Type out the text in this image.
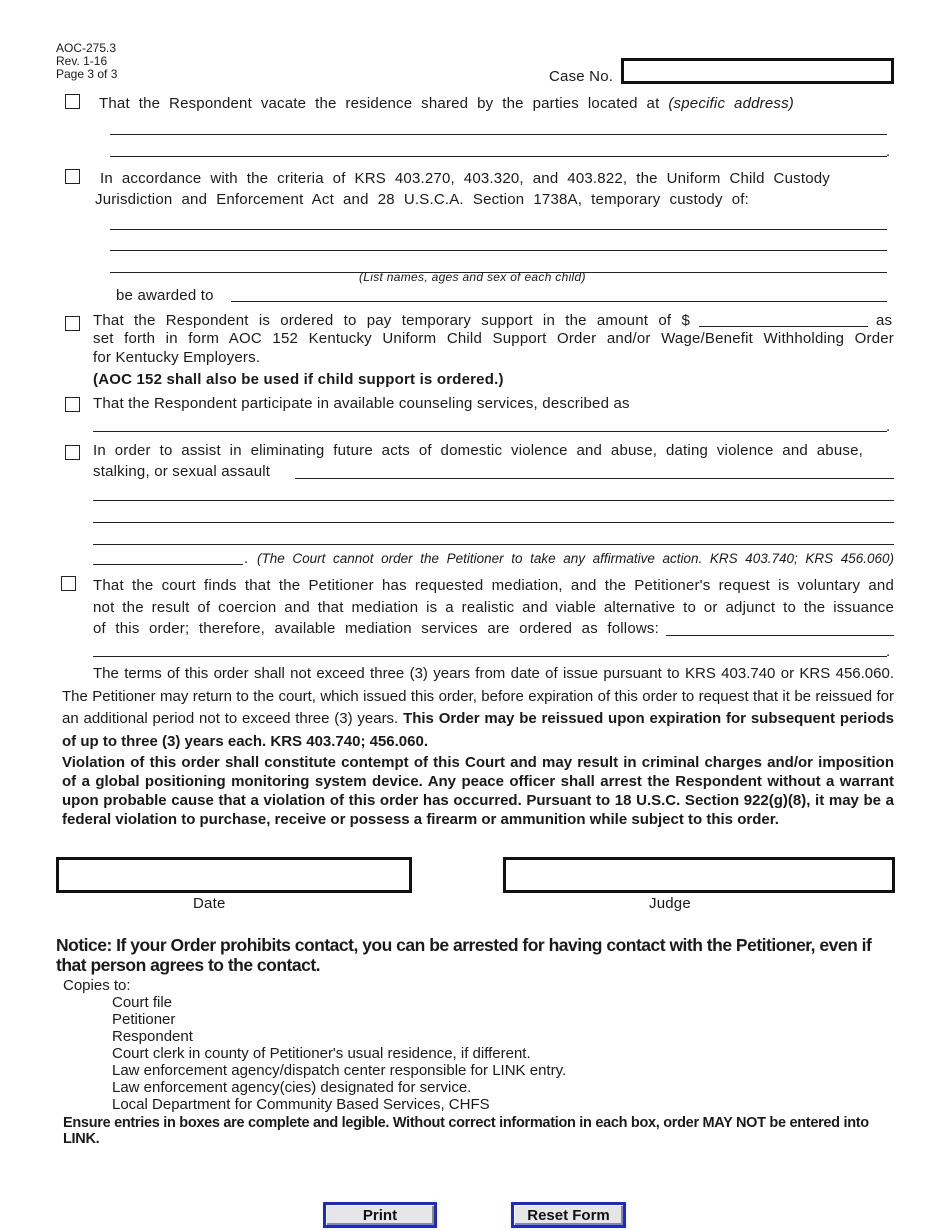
AOC-275.3
Rev. 1-16
Page 3 of 3	Case No.
That the Respondent vacate the residence shared by the parties located at (specific address)
.
In accordance with the criteria of KRS 403.270, 403.320, and 403.822, the Uniform Child Custody
Jurisdiction and Enforcement Act and 28 U.S.C.A. Section 1738A, temporary custody of:
(List names, ages and sex of each child)
be awarded to
That the Respondent is ordered to pay temporary support in the amount of $	as
set forth in form AOC 152 Kentucky Uniform Child Support Order and/or Wage/Benefit Withholding Order
for Kentucky Employers.
(AOC 152 shall also be used if child support is ordered.)
That the Respondent participate in available counseling services, described as
.
In order to assist in eliminating future acts of domestic violence and abuse, dating violence and abuse,
stalking, or sexual assault
. (The Court cannot order the Petitioner to take any affirmative action. KRS 403.740; KRS 456.060)
That the court finds that the Petitioner has requested mediation, and the Petitioner's request is voluntary and
not the result of coercion and that mediation is a realistic and viable alternative to or adjunct to the issuance
of this order; therefore, available mediation services are ordered as follows:
.
The terms of this order shall not exceed three (3) years from date of issue pursuant to KRS 403.740 or KRS 456.060. The Petitioner may return to the court, which issued this order, before expiration of this order to request that it be reissued for an additional period not to exceed three (3) years. This Order may be reissued upon expiration for subsequent periods of up to three (3) years each. KRS 403.740; 456.060.
Violation of this order shall constitute contempt of this Court and may result in criminal charges and/or imposition of a global positioning monitoring system device. Any peace officer shall arrest the Respondent without a warrant upon probable cause that a violation of this order has occurred. Pursuant to 18 U.S.C. Section 922(g)(8), it may be a federal violation to purchase, receive or possess a firearm or ammunition while subject to this order.
Date	Judge
Notice: If your Order prohibits contact, you can be arrested for having contact with the Petitioner, even if that person agrees to the contact.
Copies to:
Court file
Petitioner
Respondent
Court clerk in county of Petitioner's usual residence, if different.
Law enforcement agency/dispatch center responsible for LINK entry.
Law enforcement agency(cies) designated for service.
Local Department for Community Based Services, CHFS
Ensure entries in boxes are complete and legible. Without correct information in each box, order MAY NOT be entered into LINK.
Print	Reset Form
